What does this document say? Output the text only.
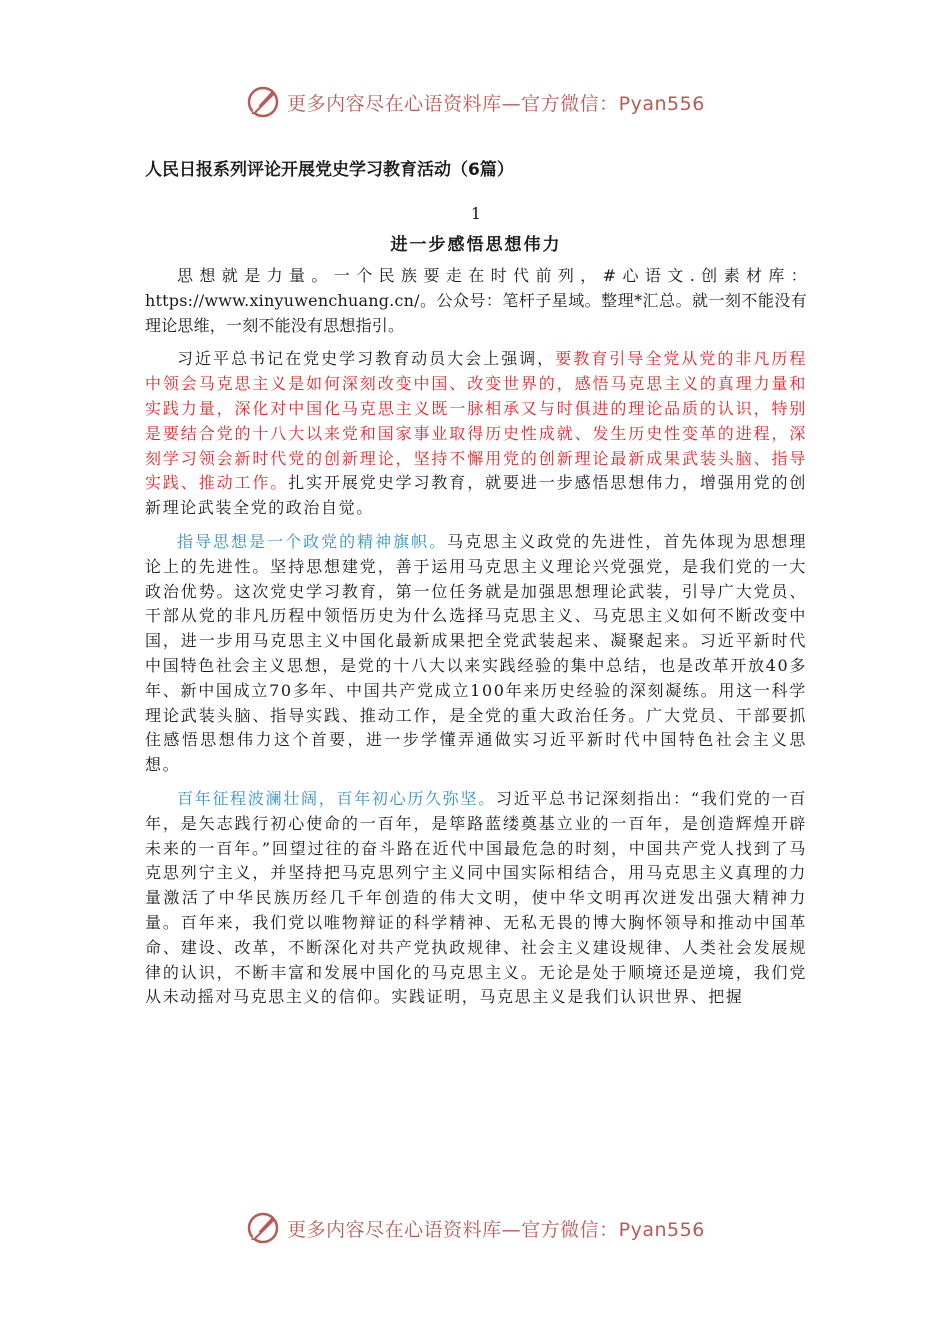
更多内容尽在心语资料库—官方微信：Pyan556
人民日报系列评论开展党史学习教育活动（6篇）
1
进一步感悟思想伟力

思想就是力量。一个民族要走在时代前列，#心语文.创素材库：https://www.xinyuwenchuang.cn/。公众号：笔杆子星域。整理*汇总。就一刻不能没有理论思维，一刻不能没有思想指引。

习近平总书记在党史学习教育动员大会上强调，要教育引导全党从党的非凡历程中领会马克思主义是如何深刻改变中国、改变世界的，感悟马克思主义的真理力量和实践力量，深化对中国化马克思主义既一脉相承又与时俱进的理论品质的认识，特别是要结合党的十八大以来党和国家事业取得历史性成就、发生历史性变革的进程，深刻学习领会新时代党的创新理论，坚持不懈用党的创新理论最新成果武装头脑、指导实践、推动工作。扎实开展党史学习教育，就要进一步感悟思想伟力，增强用党的创新理论武装全党的政治自觉。

指导思想是一个政党的精神旗帜。马克思主义政党的先进性，首先体现为思想理论上的先进性。坚持思想建党，善于运用马克思主义理论兴党强党，是我们党的一大政治优势。这次党史学习教育，第一位任务就是加强思想理论武装，引导广大党员、干部从党的非凡历程中领悟历史为什么选择马克思主义、马克思主义如何不断改变中国，进一步用马克思主义中国化最新成果把全党武装起来、凝聚起来。习近平新时代中国特色社会主义思想，是党的十八大以来实践经验的集中总结，也是改革开放40多年、新中国成立70多年、中国共产党成立100年来历史经验的深刻凝练。用这一科学理论武装头脑、指导实践、推动工作，是全党的重大政治任务。广大党员、干部要抓住感悟思想伟力这个首要，进一步学懂弄通做实习近平新时代中国特色社会主义思想。

百年征程波澜壮阔，百年初心历久弥坚。习近平总书记深刻指出：“我们党的一百年，是矢志践行初心使命的一百年，是筚路蓝缕奠基立业的一百年，是创造辉煌开辟未来的一百年。”回望过往的奋斗路在近代中国最危急的时刻，中国共产党人找到了马克思列宁主义，并坚持把马克思列宁主义同中国实际相结合，用马克思主义真理的力量激活了中华民族历经几千年创造的伟大文明，使中华文明再次迸发出强大精神力量。百年来，我们党以唯物辩证的科学精神、无私无畏的博大胸怀领导和推动中国革命、建设、改革，不断深化对共产党执政规律、社会主义建设规律、人类社会发展规律的认识，不断丰富和发展中国化的马克思主义。无论是处于顺境还是逆境，我们党从未动摇对马克思主义的信仰。实践证明，马克思主义是我们认识世界、把握

更多内容尽在心语资料库—官方微信：Pyan556
